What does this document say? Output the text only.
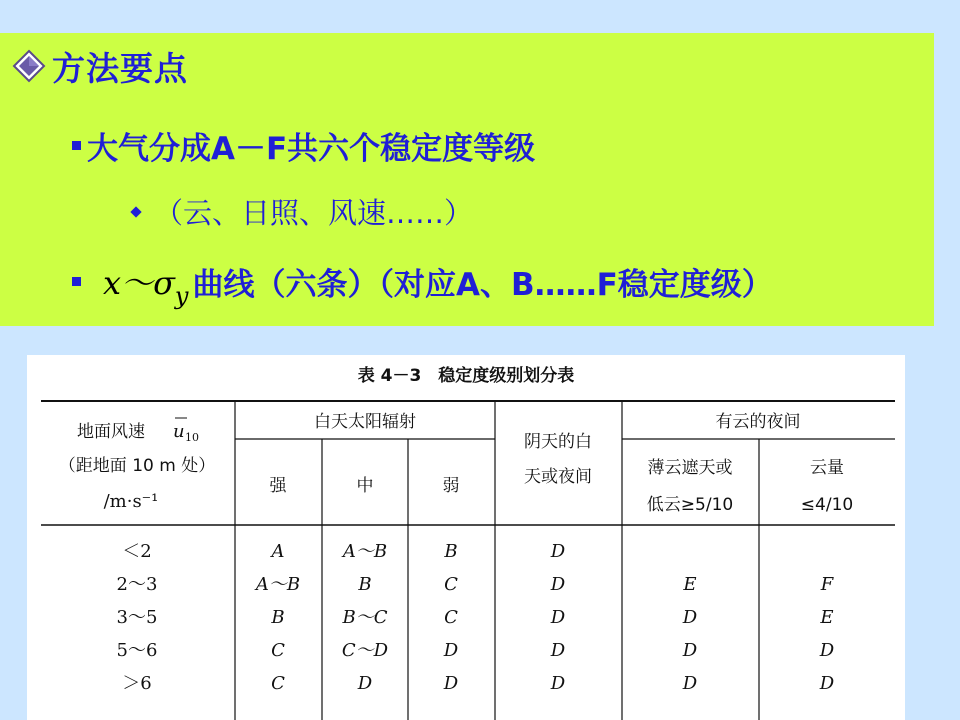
方法要点
大气分成A－F共六个稳定度等级
（云、日照、风速……）
$x\sim\sigma_y$ 曲线（六条）（对应A、B……F稳定度级）
表 4－3　稳定度级别划分表
地面风速 u 10
（距地面 10 m 处）
/m·s⁻¹
白天太阳辐射
强	中	弱
阴天的白
天或夜间
有云的夜间
薄云遮天或
低云≥5/10
云量
≤4/10
＜2	A	A～B	B	D
2～3	A～B	B	C	D	E	F
3～5	B	B～C	C	D	D	E
5～6	C	C～D	D	D	D	D
＞6	C	D	D	D	D	D
